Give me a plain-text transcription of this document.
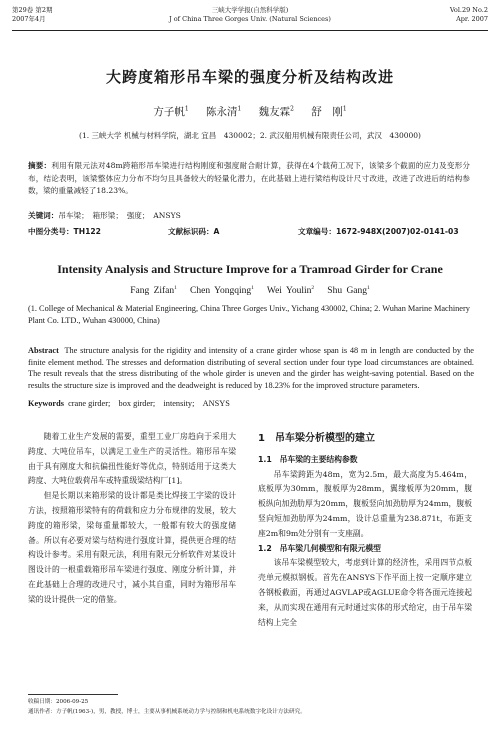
第29卷 第2期
2007年4月
三峡大学学报(自然科学版)
J of China Three Gorges Univ. (Natural Sciences)
Vol.29 No.2
Apr. 2007
大跨度箱形吊车梁的强度分析及结构改进
方子帆$^1$ 陈永清$^1$ 魏友霖$^2$ 舒　刚$^1$
(1. 三峡大学 机械与材料学院，湖北 宜昌　430002；2. 武汉船用机械有限责任公司，武汉　430000)
摘要：利用有限元法对48m跨箱形吊车梁进行结构刚度和强度耐合耐计算，获得在4个载荷工况下，该梁多个截面的应力及变形分布，结论表明，该梁整体应力分布不均匀且具备较大的轻量化潜力，在此基础上进行梁结构设计尺寸改进，改进了改进后的结构参数，梁的重量减轻了18.23%。
关键词：吊车梁；　箱形梁；　强度；　ANSYS
中图分类号：TH122	文献标识码：A	文章编号：1672-948X(2007)02-0141-03
Intensity Analysis and Structure Improve for a Tramroad Girder for Crane
Fang Zifan$^1$ Chen Yongqing$^1$ Wei Youlin$^2$ Shu Gang$^1$
(1. College of Mechanical & Material Engineering, China Three Gorges Univ., Yichang 430002, China; 2. Wuhan Marine Machinery Plant Co. LTD., Wuhan 430000, China)
Abstract The structure analysis for the rigidity and intensity of a crane girder whose span is 48 m in length are conducted by the finite element method. The stresses and deformation distributing of several section under four type load circumstances are obtained. The result reveals that the stress distributing of the whole girder is uneven and the girder has weight-saving potential. Based on the results the structure size is improved and the deadweight is reduced by 18.23% for the improved structure parameters.
Keywords crane girder;　box girder;　intensity;　ANSYS

随着工业生产发展的需要，重型工业厂房趋向于采用大跨度、大吨位吊车，以满足工业生产的灵活性。箱形吊车梁由于具有刚度大和抗偏扭性能好等优点，特别适用于这类大跨度、大吨位载荷吊车或特重级梁结构厂[1]。

但是长期以来箱形梁的设计都是类比焊接工字梁的设计方法，按照箱形梁特有的荷载和应力分布规律的发展，较大跨度的箱形梁，梁每重量都较大，一般都有较大的强度储备。所以有必要对梁与结构进行强度计算，提供更合理的结构设计参考。采用有限元法，利用有限元分析软件对某设计图设计的一根重载箱形吊车梁进行强度、刚度分析计算，并在此基础上合理的改进尺寸，减小其自重，同时为箱形吊车梁的设计提供一定的借鉴。

1　吊车梁分析模型的建立
1.1　吊车梁的主要结构参数

吊车梁跨距为48m，宽为2.5m，最大高度为5.464m，底板厚为30mm，腹板厚为28mm，翼缘板厚为20mm，腹板纵向加劲肋厚为20mm，腹板竖向加劲肋厚为24mm，腹板竖向短加劲肋厚为24mm，设计总重量为238.871t，布距支座2m和9m处分别有一支座副。

1.2　吊车梁几何模型和有限元模型

该吊车梁模型较大，考虑到计算的经济性，采用四节点板壳单元模拟钢板。首先在ANSYS下作平面上按一定顺序建立各钢板截面，再通过AGVLAP或AGLUE命令将各面元连接起来，从而实现在通用有元时通过实体的形式给定，由于吊车梁结构上完全

收稿日期：2006-09-25
通讯作者：方子帆(1963-)，男，教授，博士，主要从事机械系统动力学与控制和机电系统数字化设计方法研究。
